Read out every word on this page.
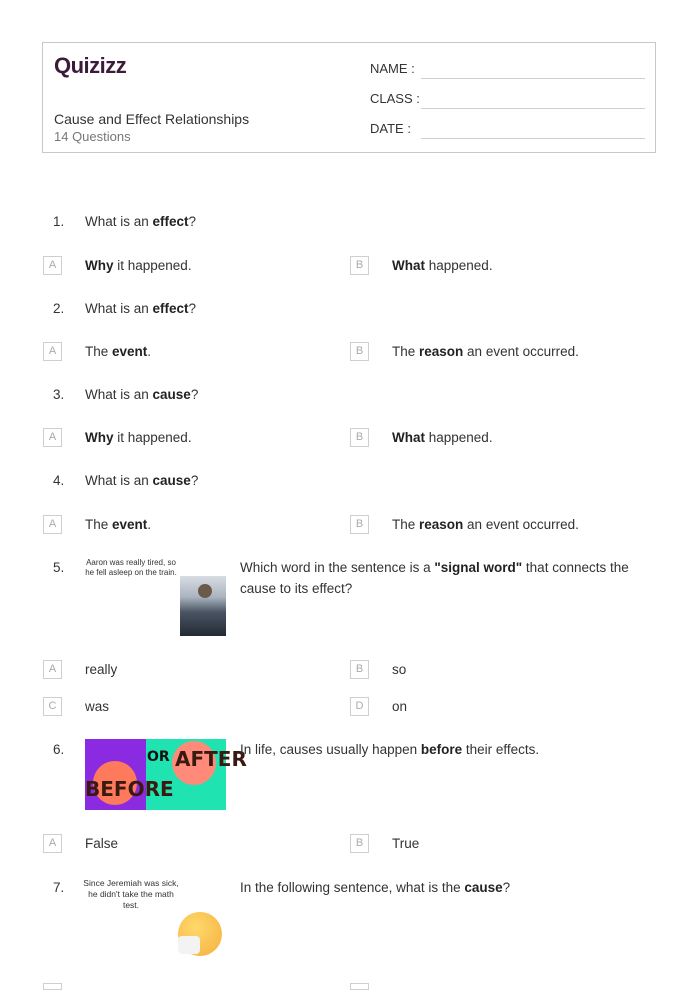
Quizizz
Cause and Effect Relationships
14 Questions
NAME :
CLASS :
DATE :
1. What is an effect?
A	Why it happened.	B	What happened.
2. What is an effect?
A	The event.	B	The reason an event occurred.
3. What is an cause?
A	Why it happened.	B	What happened.
4. What is an cause?
A	The event.	B	The reason an event occurred.
5.	Aaron was really tired, so he fell asleep on the train.	Which word in the sentence is a "signal word" that connects the cause to its effect?
A	really	B	so
C	was	D	on
6.
BEFORE
OR AFTER
In life, causes usually happen before their effects.
A	False	B	True
7. Since Jeremiah was sick, he didn't take the math test.
In the following sentence, what is the cause?
